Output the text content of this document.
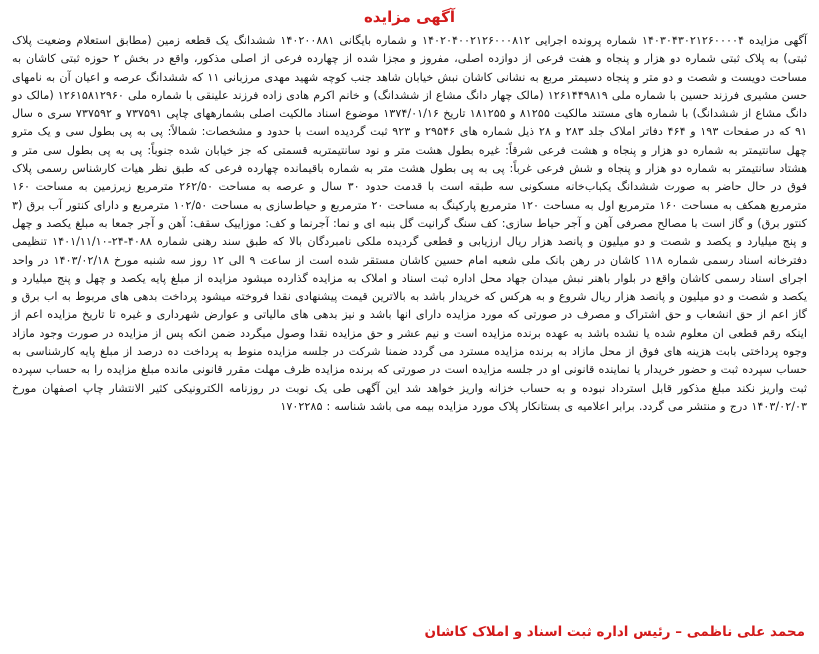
آگهی مزایده

آگهی مزایده ۱۴۰۳۰۴۳۰۲۱۲۶۰۰۰۰۴ شماره پرونده اجرایی ۱۴۰۲۰۴۰۰۲۱۲۶۰۰۰۸۱۲ و شماره بایگانی ۱۴۰۲۰۰۸۸۱ ششدانگ یک قطعه زمین (مطابق استعلام وضعیت پلاک ثبتی) به پلاک ثبتی شماره دو هزار و پنجاه و هفت فرعی از دوازده اصلی، مفروز و مجزا شده از چهارده فرعی از اصلی مذکور، واقع در بخش ۲ حوزه ثبتی کاشان به مساحت دویست و شصت و دو متر و پنجاه دسیمتر مربع به نشانی کاشان نبش خیابان شاهد جنب کوچه شهید مهدی مرزبانی ۱۱ که ششدانگ عرصه و اعیان آن به نامهای حسن مشیری فرزند حسین با شماره ملی ۱۲۶۱۴۴۹۸۱۹ (مالک چهار دانگ مشاع از ششدانگ) و خانم اکرم هادی زاده فرزند علینقی با شماره ملی ۱۲۶۱۵۸۱۲۹۶۰ (مالک دو دانگ مشاع از ششدانگ) با شماره های مستند مالکیت ۸۱۲۵۵ و ۱۸۱۲۵۵ تاریخ ۱۳۷۴/۰۱/۱۶ موضوع اسناد مالکیت اصلی بشمارههای چاپی ۷۳۷۵۹۱ و ۷۳۷۵۹۲ سری ه سال ۹۱ که در صفحات ۱۹۳ و ۴۶۴ دفاتر املاک جلد ۲۸۳ و ۲۸ ذیل شماره های ۲۹۵۴۶ و ۹۲۳ ثبت گردیده است با حدود و مشخصات: شمالاً: پی به پی بطول سی و یک مترو چهل سانتیمتر به شماره دو هزار و پنجاه و هشت فرعی شرقاً: غیره بطول هشت متر و نود سانتیمتربه قسمتی که جز خیابان شده جنوباً: پی به پی بطول سی متر و هشتاد سانتیمتر به شماره دو هزار و پنجاه و شش فرعی غرباً: پی به پی بطول هشت متر به شماره باقیمانده چهارده فرعی که طبق نظر هیات کارشناس رسمی پلاک فوق در حال حاضر به صورت ششدانگ یکباب‌خانه مسکونی سه طبقه است با قدمت حدود ۳۰ سال و عرصه به مساحت ۲۶۲/۵۰ مترمربع زیرزمین به مساحت ۱۶۰ مترمربع همکف به مساحت ۱۶۰ مترمربع اول به مساحت ۱۲۰ مترمربع پارکینگ به مساحت ۲۰ مترمربع و حیاط‌سازی به مساحت ۱۰۲/۵۰ مترمربع و دارای کنتور آب برق (۳ کنتور برق) و گاز است با مصالح مصرفی آهن و آجر حیاط سازی: کف سنگ گرانیت گل بنبه ای و نما: آجرنما و کف: موزاییک سقف: آهن و آجر جمعا به مبلغ یکصد و چهل و پنج میلیارد و یکصد و شصت و دو میلیون و پانصد هزار ریال ارزیابی و قطعی گردیده ملکی نامبردگان بالا که طبق سند رهنی شماره ۴۰۸۸-۲۴-۱۴۰۱/۱۱/۱۰ تنظیمی دفترخانه اسناد رسمی شماره ۱۱۸ کاشان در رهن بانک ملی شعبه امام حسین کاشان مستقر شده است از ساعت ۹ الی ۱۲ روز سه شنبه مورخ ۱۴۰۳/۰۲/۱۸ در واحد اجرای اسناد رسمی کاشان واقع در بلوار باهنر نبش میدان جهاد محل اداره ثبت اسناد و املاک به مزایده گذارده میشود مزایده از مبلغ پایه یکصد و چهل و پنج میلیارد و یکصد و شصت و دو میلیون و پانصد هزار ریال شروع و به هرکس که خریدار باشد به بالاترین قیمت پیشنهادی نقدا فروخته میشود پرداخت بدهی های مربوط به اب برق و گاز اعم از حق انشعاب و حق اشتراک و مصرف در صورتی که مورد مزایده دارای انها باشد و نیز بدهی های مالیاتی و عوارض شهرداری و غیره تا تاریخ مزایده اعم از اینکه رقم قطعی ان معلوم شده یا نشده باشد به عهده برنده مزایده است و نیم عشر و حق مزایده نقدا وصول میگردد ضمن انکه پس از مزایده در صورت وجود مازاد وجوه پرداختی بابت هزینه های فوق از محل مازاد به برنده مزایده مسترد می گردد ضمنا شرکت در جلسه مزایده منوط به پرداخت ده درصد از مبلغ پایه کارشناسی به حساب سپرده ثبت و حضور خریدار یا نماینده قانونی او در جلسه مزایده است در صورتی که برنده مزایده ظرف مهلت مقرر قانونی مانده مبلغ مزایده را به حساب سپرده ثبت واریز نکند مبلغ مذکور قابل استرداد نبوده و به حساب خزانه واریز خواهد شد این آگهی طی یک نوبت در روزنامه الکترونیکی کثیر الانتشار چاپ اصفهان مورخ ۱۴۰۳/۰۲/۰۳ درج و منتشر می گردد. برابر اعلامیه ی بستانکار پلاک مورد مزایده بیمه می باشد شناسه : ۱۷۰۲۲۸۵

محمد علی ناظمی – رئیس اداره ثبت اسناد و املاک کاشان
